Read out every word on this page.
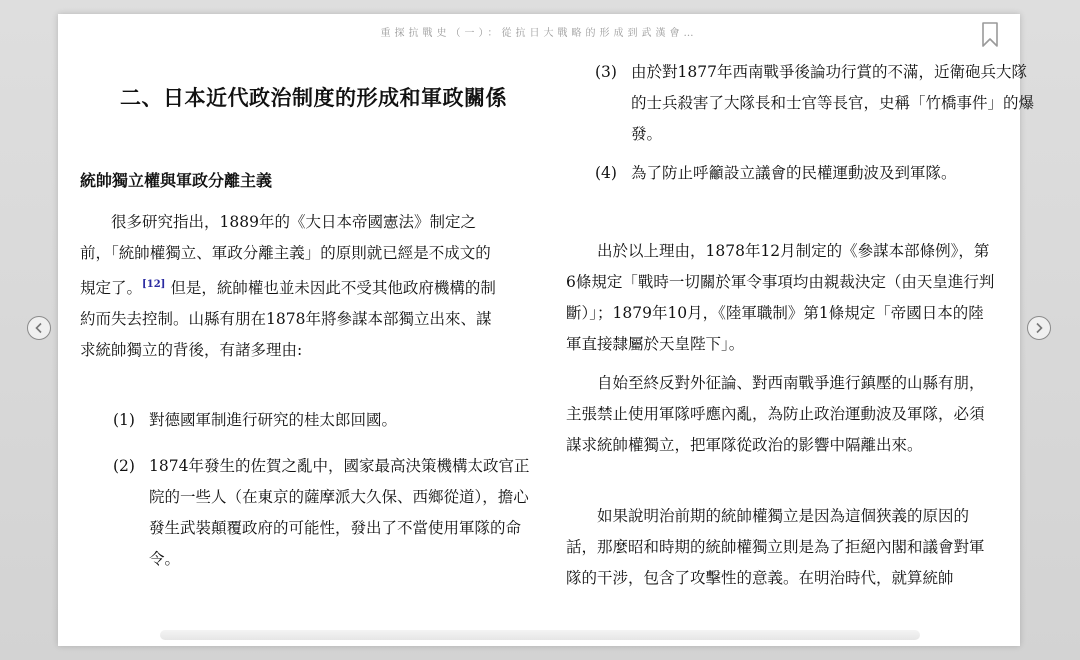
重探抗戰史（一）：從抗日大戰略的形成到武漢會…
二、日本近代政治制度的形成和軍政關係
統帥獨立權與軍政分離主義

很多研究指出，1889年的《大日本帝國憲法》制定之前，「統帥權獨立、軍政分離主義」的原則就已經是不成文的規定了。[12] 但是，統帥權也並未因此不受其他政府機構的制約而失去控制。山縣有朋在1878年將參謀本部獨立出來、謀求統帥獨立的背後，有諸多理由:

(1) 對德國軍制進行研究的桂太郎回國。

(2) 1874年發生的佐賀之亂中，國家最高決策機構太政官正院的一些人（在東京的薩摩派大久保、西鄉從道），擔心發生武裝顛覆政府的可能性，發出了不當使用軍隊的命令。

(3) 由於對1877年西南戰爭後論功行賞的不滿，近衛砲兵大隊的士兵殺害了大隊長和士官等長官，史稱「竹橋事件」的爆發。

(4) 為了防止呼籲設立議會的民權運動波及到軍隊。

出於以上理由，1878年12月制定的《參謀本部條例》，第6條規定「戰時一切關於軍令事項均由親裁決定（由天皇進行判斷）」；1879年10月，《陸軍職制》第1條規定「帝國日本的陸軍直接隸屬於天皇陛下」。

自始至終反對外征論、對西南戰爭進行鎮壓的山縣有朋，主張禁止使用軍隊呼應內亂，為防止政治運動波及軍隊，必須謀求統帥權獨立，把軍隊從政治的影響中隔離出來。

如果說明治前期的統帥權獨立是因為這個狹義的原因的話，那麼昭和時期的統帥權獨立則是為了拒絕內閣和議會對軍隊的干涉，包含了攻擊性的意義。在明治時代，就算統帥
